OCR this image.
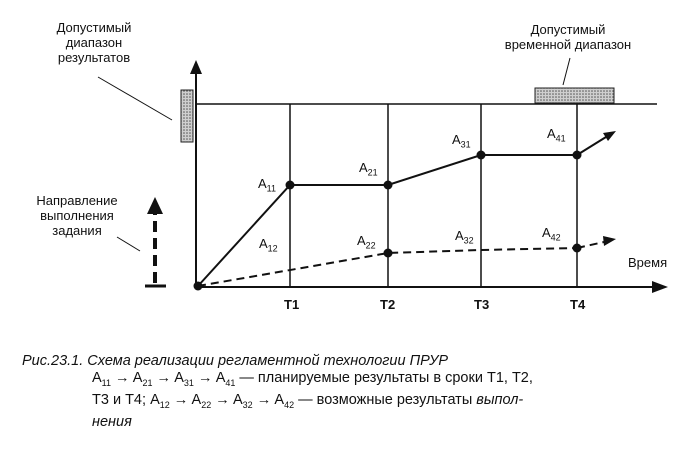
Допустимый
диапазон
результатов
Допустимый
временной диапазон
Направление
выполнения
задания
Время
$A_{11}$
$A_{21}$
$A_{31}$
$A_{41}$
$A_{12}$
$A_{22}$
$A_{32}$
$A_{42}$
T1	T2	T3	T4
Рис.23.1. Схема реализации регламентной технологии ПРУР
$A_{11} \to A_{21} \to A_{31} \to A_{41}$ — планируемые результаты в сроки Т1, Т2,
Т3 и Т4; $A_{12} \to A_{22} \to A_{32} \to A_{42}$ — возможные результаты выпол-
нения
